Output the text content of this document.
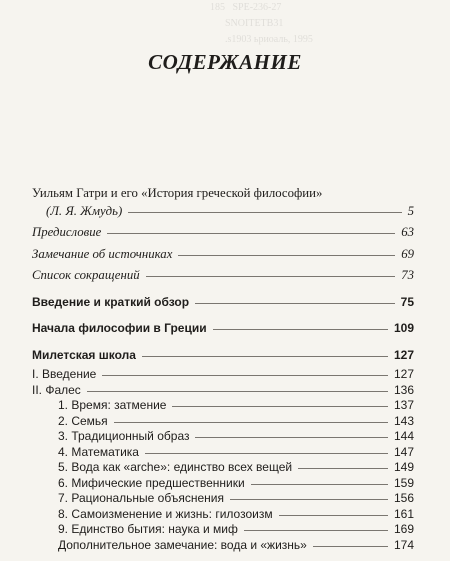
185   SPE-236-27
SNOITETB31
.s1903 ьриоаль, 1995
СОДЕРЖАНИЕ
Уильям Гатри и его «История греческой философии»
(Л. Я. Жмудь)	5
Предисловие	63
Замечание об источниках	69
Список сокращений	73
Введение и краткий обзор	75
Начала философии в Греции	109
Милетская школа	127
I. Введение	127
II. Фалес	136
1. Время: затмение	137
2. Семья	143
3. Традиционный образ	144
4. Математика	147
5. Вода как «arche»: единство всех вещей	149
6. Мифические предшественники	159
7. Рациональные объяснения	156
8. Самоизменение и жизнь: гилозоизм	161
9. Единство бытия: наука и миф	169
Дополнительное замечание: вода и «жизнь»	174
